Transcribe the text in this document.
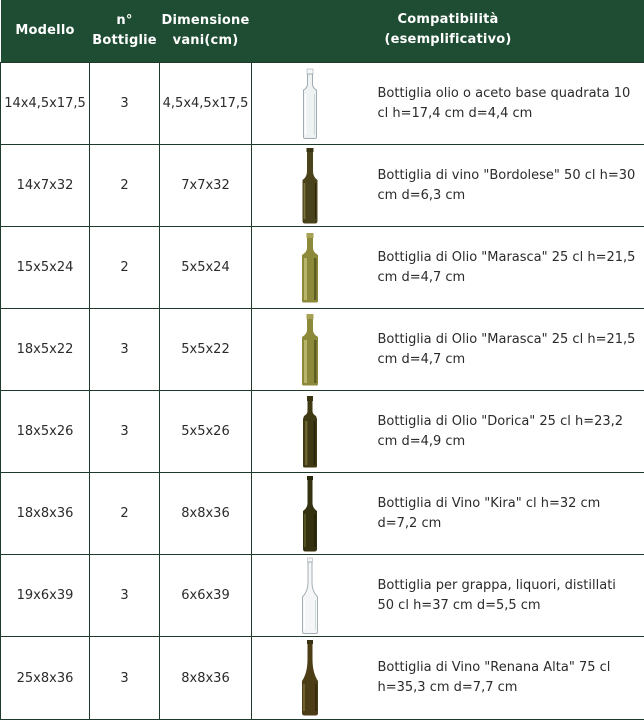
Modello	n° Bottiglie	Dimensione vani(cm)	Compatibilità
(esemplificativo)	

14x4,5x17,5	3	4,5x4,5x17,5		Bottiglia olio o aceto base quadrata 10 cl h=17,4 cm d=4,4 cm
14x7x32	2	7x7x32		Bottiglia di vino "Bordolese" 50 cl h=30 cm d=6,3 cm
15x5x24	2	5x5x24		Bottiglia di Olio "Marasca" 25 cl h=21,5 cm d=4,7 cm
18x5x22	3	5x5x22		Bottiglia di Olio "Marasca" 25 cl h=21,5 cm d=4,7 cm
18x5x26	3	5x5x26		Bottiglia di Olio "Dorica" 25 cl h=23,2 cm d=4,9 cm
18x8x36	2	8x8x36		Bottiglia di Vino "Kira" cl h=32 cm d=7,2 cm
19x6x39	3	6x6x39		Bottiglia per grappa, liquori, distillati 50 cl h=37 cm d=5,5 cm
25x8x36	3	8x8x36		Bottiglia di Vino "Renana Alta" 75 cl h=35,3 cm d=7,7 cm
